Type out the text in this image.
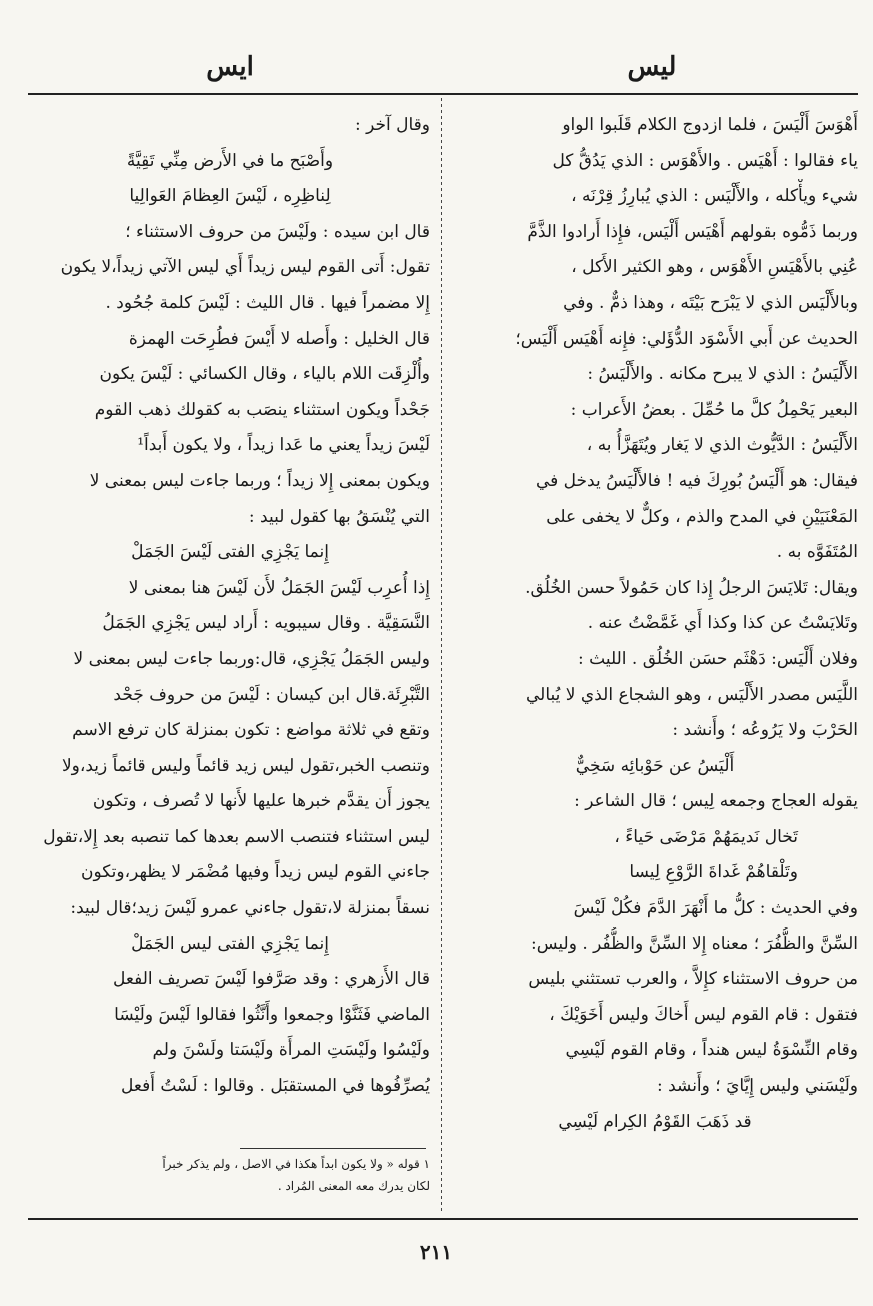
ليس
ايس
أَهْوَسَ أَلْيَسَ ، فلما ازدوج الكلام قَلَبوا الواو
ياء فقالوا : أَهْيَس . والأَهْوَس : الذي يَدُقُّ كل
شيء ويأْكله ، والأَلْيَس : الذي يُبارِزُ قِرْنَه ،
وربما ذَمُّوه بقولهم أَهْيَس أَلْيَس، فإِذا أَرادوا الذَّمَّ
عُنِي بالأَهْيَسِ الأَهْوَس ، وهو الكثير الأَكل ،
وبالأَلْيَس الذي لا يَبْرَح بَيْتَه ، وهذا ذمٌّ . وفي
الحديث عن أَبي الأَسْوَد الدُّؤَلي: فإِنه أَهْيَس أَلْيَس؛
الأَلْيَسُ : الذي لا يبرح مكانه . والأَلْيَسُ :
البعير يَحْمِلُ كلَّ ما حُمِّلَ . بعضُ الأَعراب :
الأَلْيَسُ : الدَّيُّوث الذي لا يَغار ويُتَهَزَّأُ به ،
فيقال: هو أَلْيَسُ بُورِكَ فيه ! فالأَلْيَسُ يدخل في
المَعْنَيَيْنِ في المدح والذم ، وكلٌّ لا يخفى على
المُتَفَوَّه به .
ويقال: تَلايَسَ الرجلُ إِذا كان حَمُولاً حسن الخُلُق.
وتَلايَسْتُ عن كذا وكذا أَي غَمَّضْتُ عنه .
وفلان أَلْيَس: دَهْثَم حسَن الخُلُق . الليث :
اللَّيَس مصدر الأَلْيَس ، وهو الشجاع الذي لا يُبالي
الحَرْبَ ولا يَرُوعُه ؛ وأَنشد :
أَلْيَسُ عن حَوْبائِه سَخِيٌّ
يقوله العجاج وجمعه لِيس ؛ قال الشاعر :
تَخال نَديمَهُمْ مَرْضَى حَياءً ،
وتَلْقاهُمْ غَداةَ الرَّوْعِ لِيسا
وفي الحديث : كلُّ ما أَنْهَرَ الدَّمَ فكُلْ لَيْسَ
السِّنَّ والظُّفُرَ ؛ معناه إِلا السِّنَّ والظُّفُر . وليس:
من حروف الاستثناء كإِلاَّ ، والعرب تستثني بليس
فتقول : قام القوم ليس أَخاكَ وليس أَخَوَيْكَ ،
وقام النِّسْوَةُ ليس هنداً ، وقام القوم لَيْسِي
ولَيْسَني وليس إِيَّايَ ؛ وأَنشد :
قد ذَهَبَ القَوْمُ الكِرام لَيْسِي
وقال آخر :
وأَصْبَح ما في الأَرض مِنِّي تَقِيَّةً
لِناظِرِه ، لَيْسَ العِظامَ العَوالِيا
قال ابن سيده : ولَيْسَ من حروف الاستثناء ؛
تقول: أَتى القوم ليس زيداً أَي ليس الآتي زيداً،لا يكون
إِلا مضمراً فيها . قال الليث : لَيْسَ كلمة جُحُود .
قال الخليل : وأَصله لا أَيْسَ فطُرِحَت الهمزة
وأُلْزِقَت اللام بالياء ، وقال الكسائي : لَيْسَ يكون
جَحْداً ويكون استثناء ينصَب به كقولك ذهب القوم
لَيْسَ زيداً يعني ما عَدا زيداً ، ولا يكون أَبداً¹
ويكون بمعنى إِلا زيداً ؛ وربما جاءت ليس بمعنى لا
التي يُنْسَقُ بها كقول لبيد :
إِنما يَجْزِي الفتى لَيْسَ الجَمَلْ
إِذا أُعرِب لَيْسَ الجَمَلُ لأَن لَيْسَ هنا بمعنى لا
النَّسَقِيَّة . وقال سيبويه : أَراد ليس يَجْزِي الجَمَلُ
وليس الجَمَلُ يَجْزِي، قال:وربما جاءت ليس بمعنى لا
التَّبْرِئَة.قال ابن كيسان : لَيْسَ من حروف جَحْد
وتقع في ثلاثة مواضع : تكون بمنزلة كان ترفع الاسم
وتنصب الخبر،تقول ليس زيد قائماً وليس قائماً زيد،ولا
يجوز أَن يقدَّم خبرها عليها لأَنها لا تُصرف ، وتكون
ليس استثناء فتنصب الاسم بعدها كما تنصبه بعد إِلا،تقول
جاءني القوم ليس زيداً وفيها مُضْمَر لا يظهر،وتكون
نسقاً بمنزلة لا،تقول جاءني عمرو لَيْسَ زيد؛قال لبيد:
إِنما يَجْزِي الفتى ليس الجَمَلْ
قال الأَزهري : وقد صَرَّفوا لَيْسَ تصريف الفعل
الماضي فَثَنَّوْا وجمعوا وأَنَّثُوا فقالوا لَيْسَ ولَيْسَا
ولَيْسُوا ولَيْسَتِ المرأَة ولَيْسَتا ولَسْنَ ولم
يُصرِّفُوها في المستقبَل . وقالوا : لَسْتُ أَفعل
١ قوله « ولا يكون ابداً هكذا في الاصل ، ولم يذكر خبراً
لكان يدرك معه المعنى المُراد .
٢١١
